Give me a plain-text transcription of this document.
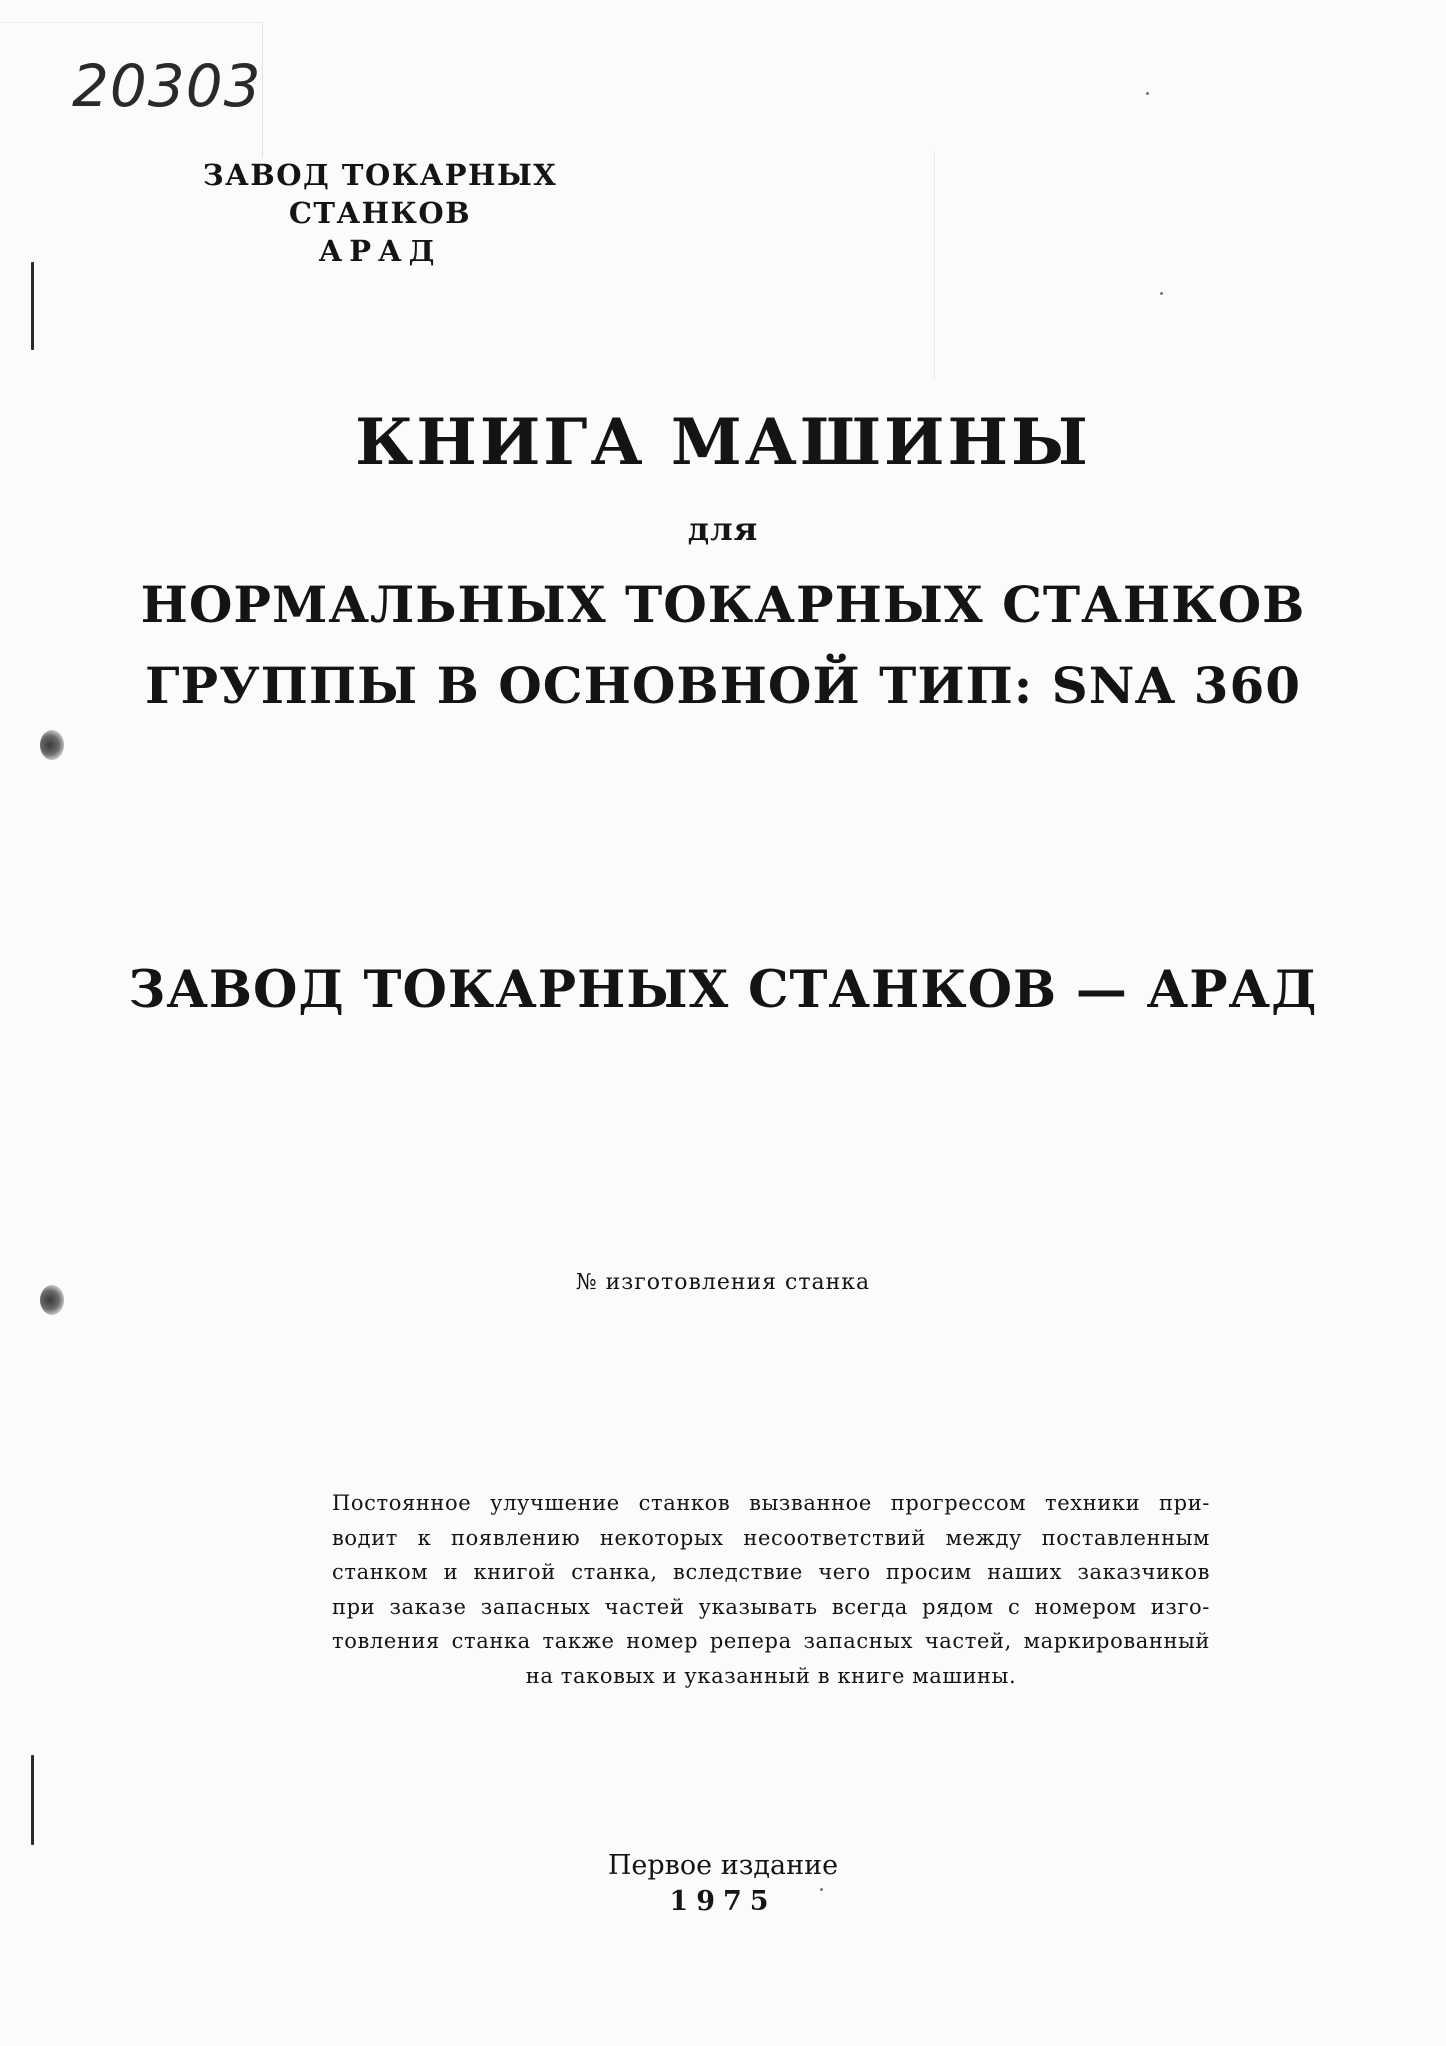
20303
ЗАВОД ТОКАРНЫХ СТАНКОВ
АРАД
КНИГА МАШИНЫ
для
НОРМАЛЬНЫХ ТОКАРНЫХ СТАНКОВ
ГРУППЫ В ОСНОВНОЙ ТИП: SNA 360
ЗАВОД ТОКАРНЫХ СТАНКОВ — АРАД
№ изготовления станка
Постоянное улучшение станков вызванное прогрессом техники при-
водит к появлению некоторых несоответствий между поставленным
станком и книгой станка, вследствие чего просим наших заказчиков
при заказе запасных частей указывать всегда рядом с номером изго-
товления станка также номер репера запасных частей, маркированный
на таковых и указанный в книге машины.
Первое издание
1975
